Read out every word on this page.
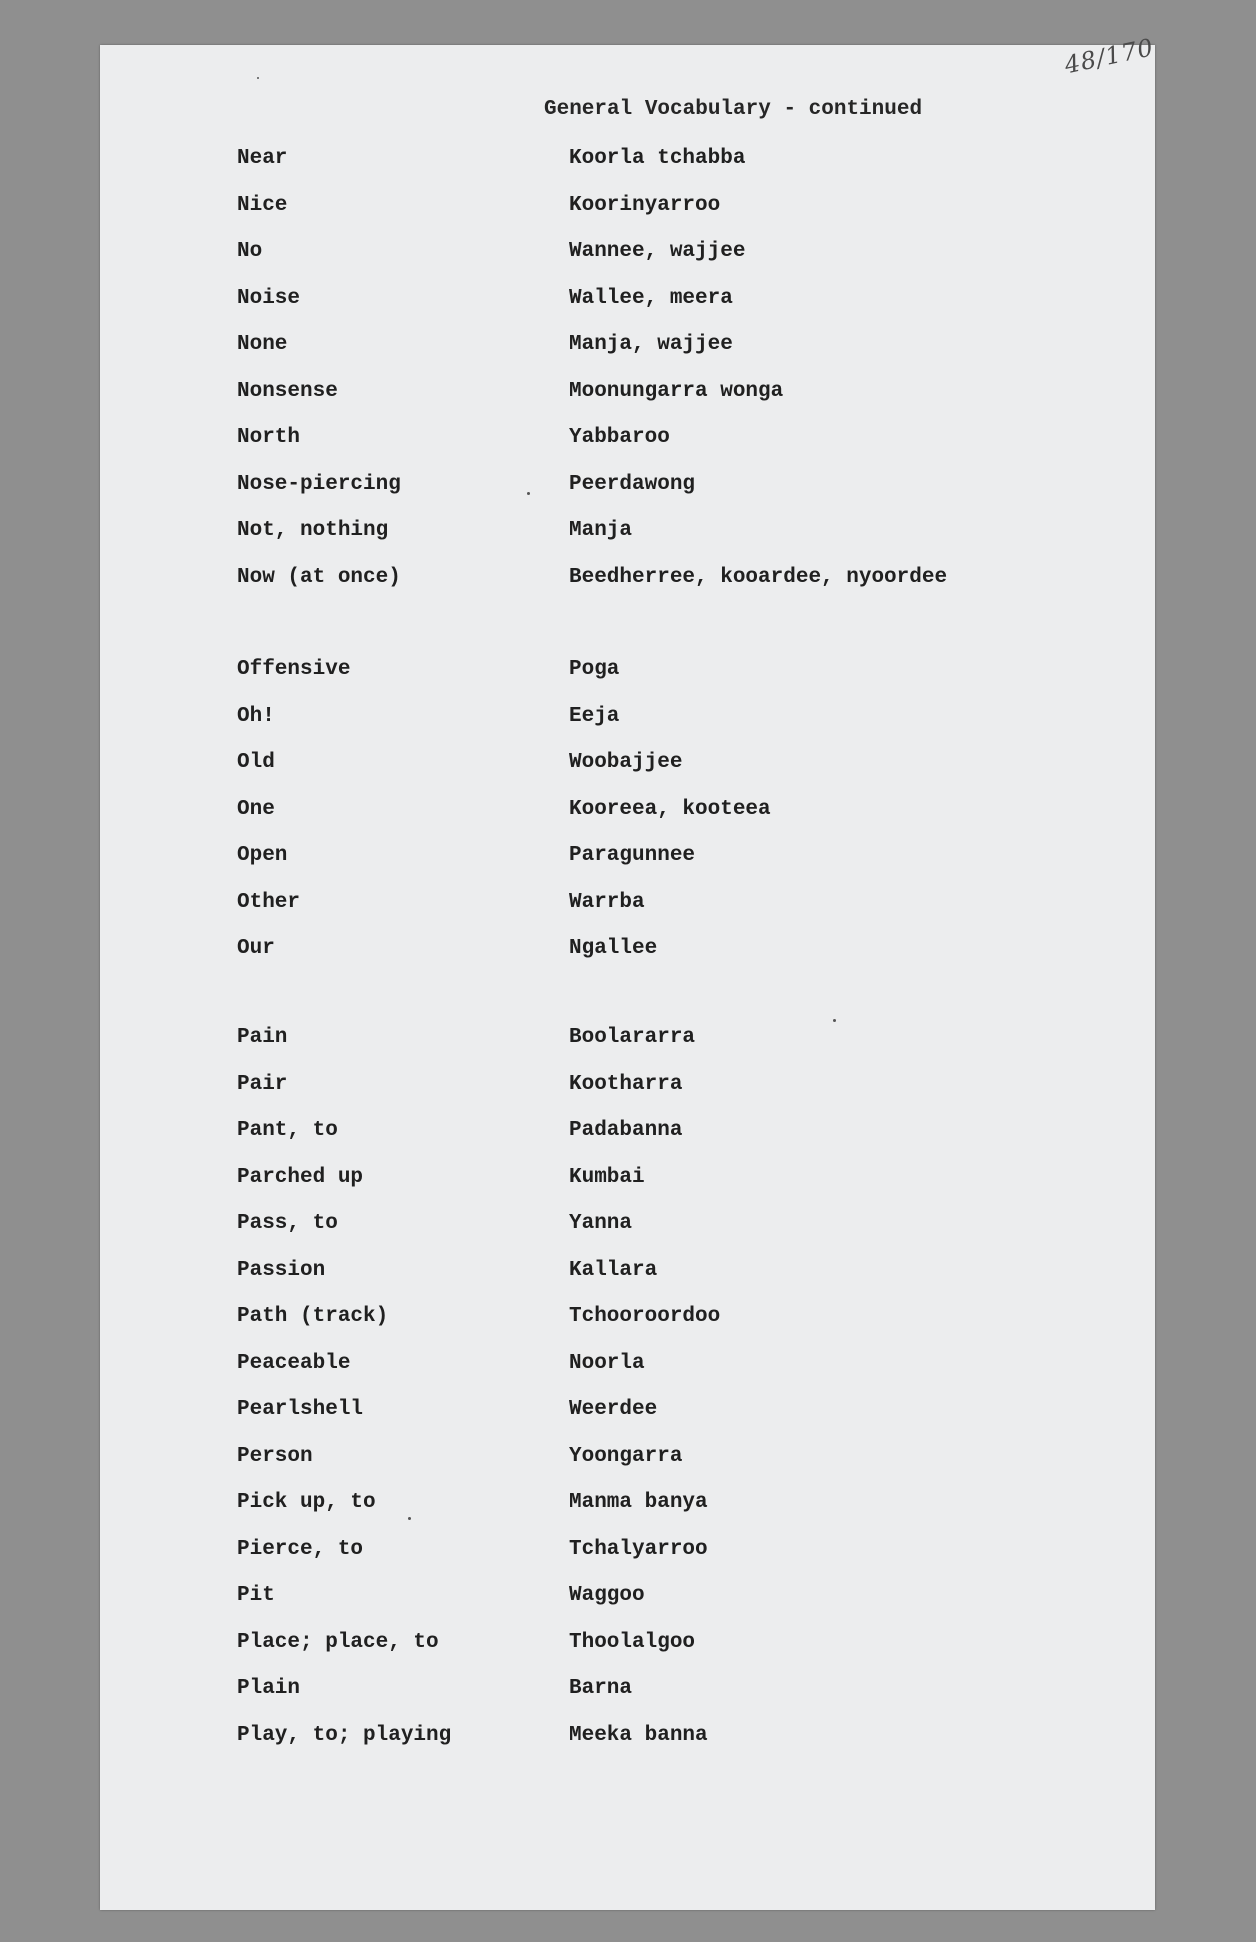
48/170
General Vocabulary - continued
Near	Koorla tchabba
Nice	Koorinyarroo
No	Wannee, wajjee
Noise	Wallee, meera
None	Manja, wajjee
Nonsense	Moonungarra wonga
North	Yabbaroo
Nose-piercing	Peerdawong
Not, nothing	Manja
Now (at once)	Beedherree, kooardee, nyoordee
Offensive	Poga
Oh!	Eeja
Old	Woobajjee
One	Kooreea, kooteea
Open	Paragunnee
Other	Warrba
Our	Ngallee
Pain	Boolararra
Pair	Kootharra
Pant, to	Padabanna
Parched up	Kumbai
Pass, to	Yanna
Passion	Kallara
Path (track)	Tchooroordoo
Peaceable	Noorla
Pearlshell	Weerdee
Person	Yoongarra
Pick up, to	Manma banya
Pierce, to	Tchalyarroo
Pit	Waggoo
Place; place, to	Thoolalgoo
Plain	Barna
Play, to; playing	Meeka banna
